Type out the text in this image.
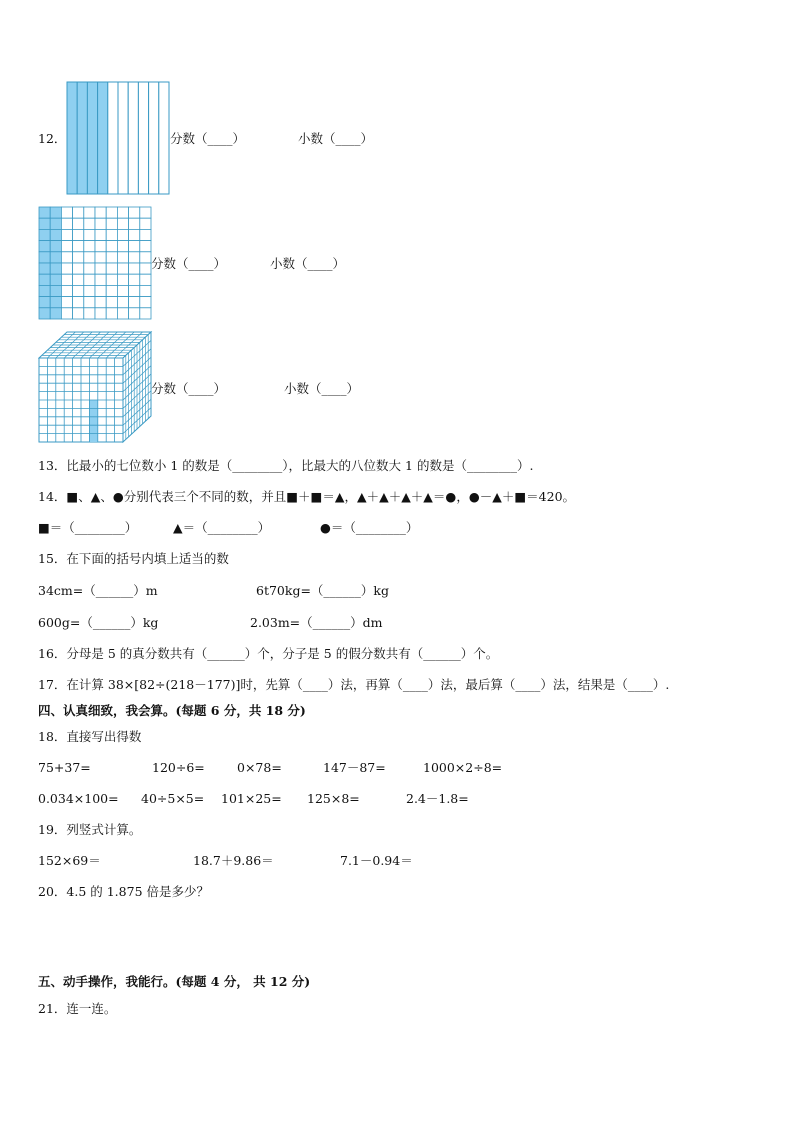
12．	分数（____）	小数（____）
分数（____）	小数（____）
分数（____）	小数（____）
13．比最小的七位数小 1 的数是（________），比最大的八位数大 1 的数是（________）.
14．■、▲、●分别代表三个不同的数，并且■＋■＝▲，▲＋▲＋▲＋▲＝●，●－▲＋■＝420。
■＝（________）	▲＝（________）	●＝（________）
15．在下面的括号内填上适当的数
34cm=（______）m	6t70kg=（______）kg
600g=（______）kg	2.03m=（______）dm
16．分母是 5 的真分数共有（______）个，分子是 5 的假分数共有（______）个。
17．在计算 38×[82÷(218－177)]时，先算（____）法，再算（____）法，最后算（____）法，结果是（____）.
四、认真细致，我会算。(每题 6 分，共 18 分)
18．直接写出得数
75+37=	120÷6=	0×78=	147－87=	1000×2÷8=
0.034×100= 40÷5×5= 101×25= 125×8=	2.4－1.8=
19．列竖式计算。
152×69＝	18.7＋9.86＝	7.1－0.94＝
20．4.5 的 1.875 倍是多少？
五、动手操作，我能行。(每题 4 分， 共 12 分)
21．连一连。
